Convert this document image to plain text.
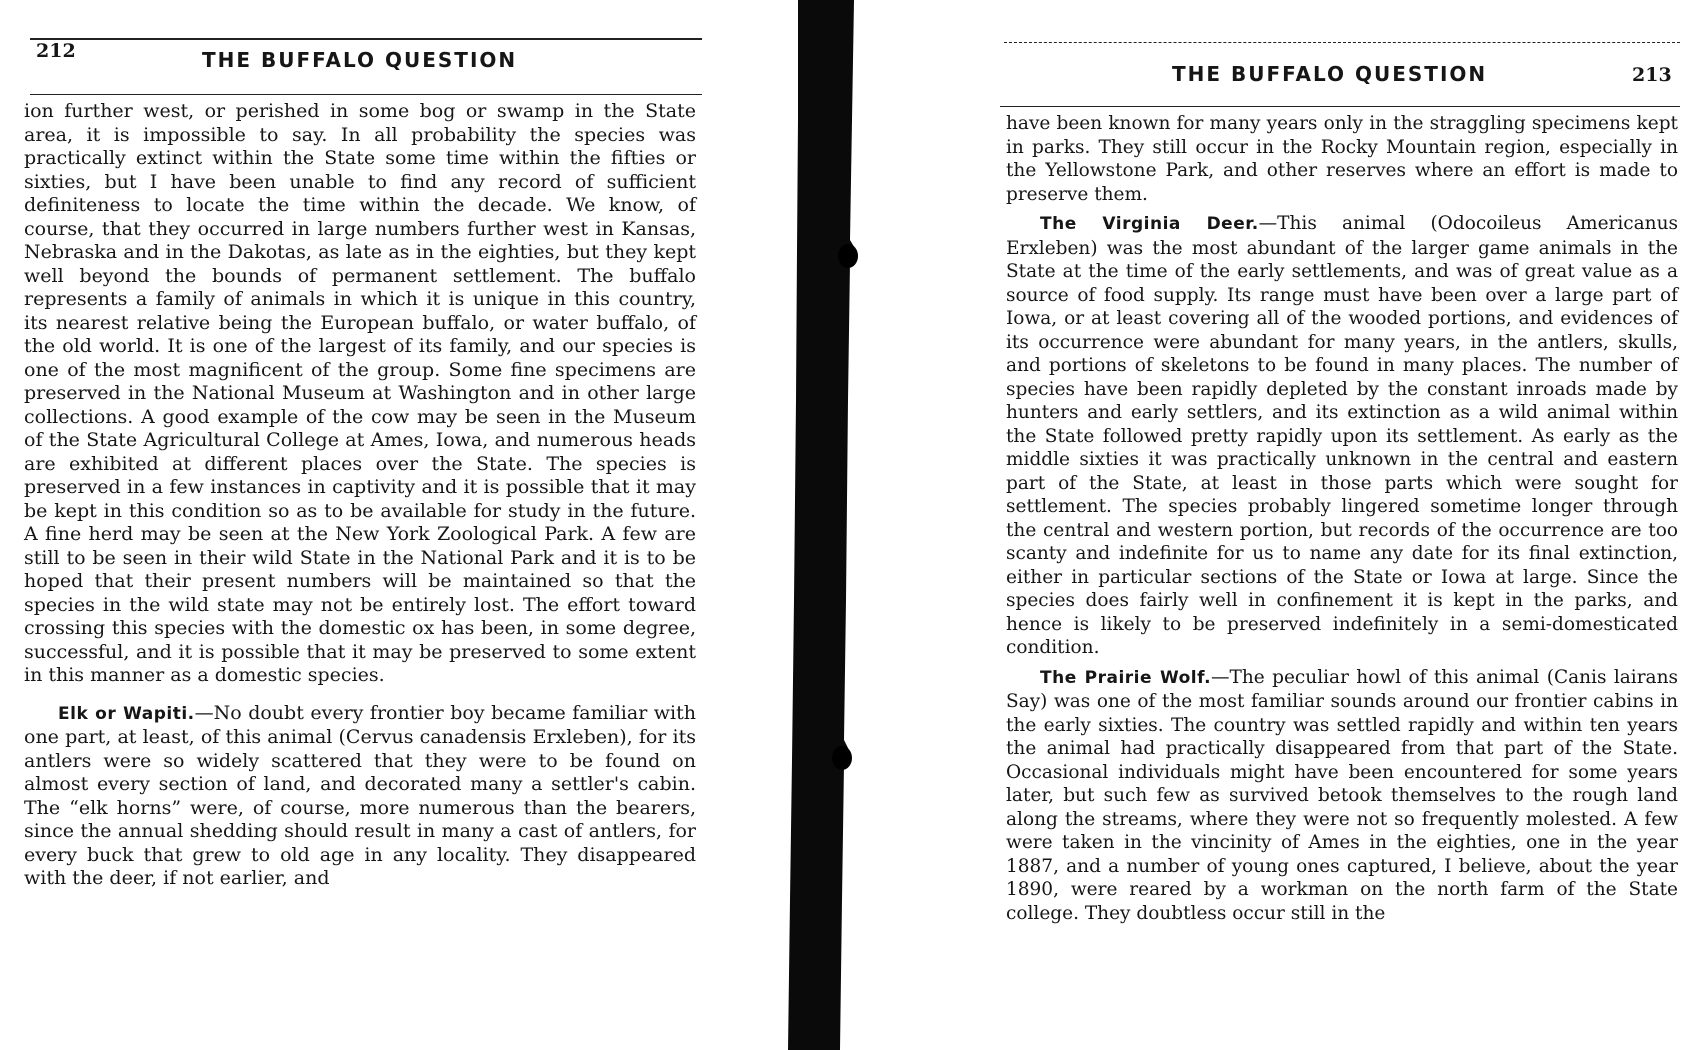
212	THE BUFFALO QUESTION

ion further west, or perished in some bog or swamp in the State area, it is impossible to say. In all probability the species was practically extinct within the State some time within the fifties or sixties, but I have been unable to find any record of sufficient definiteness to locate the time within the decade. We know, of course, that they occurred in large numbers further west in Kansas, Nebraska and in the Dakotas, as late as in the eighties, but they kept well beyond the bounds of permanent settlement. The buffalo represents a family of animals in which it is unique in this country, its nearest relative being the European buffalo, or water buffalo, of the old world. It is one of the largest of its family, and our species is one of the most magnificent of the group. Some fine specimens are preserved in the National Museum at Washington and in other large collections. A good example of the cow may be seen in the Museum of the State Agricultural College at Ames, Iowa, and numerous heads are exhibited at different places over the State. The species is preserved in a few instances in captivity and it is possible that it may be kept in this condition so as to be available for study in the future. A fine herd may be seen at the New York Zoological Park. A few are still to be seen in their wild State in the National Park and it is to be hoped that their present numbers will be maintained so that the species in the wild state may not be entirely lost. The effort toward crossing this species with the domestic ox has been, in some degree, successful, and it is possible that it may be preserved to some extent in this manner as a domestic species.

Elk or Wapiti.—No doubt every frontier boy became familiar with one part, at least, of this animal (Cervus canadensis Erxleben), for its antlers were so widely scattered that they were to be found on almost every section of land, and decorated many a settler's cabin. The “elk horns” were, of course, more numerous than the bearers, since the annual shedding should result in many a cast of antlers, for every buck that grew to old age in any locality. They disappeared with the deer, if not earlier, and

THE BUFFALO QUESTION	213

have been known for many years only in the straggling specimens kept in parks. They still occur in the Rocky Mountain region, especially in the Yellowstone Park, and other reserves where an effort is made to preserve them.

The Virginia Deer.—This animal (Odocoileus Americanus Erxleben) was the most abundant of the larger game animals in the State at the time of the early settlements, and was of great value as a source of food supply. Its range must have been over a large part of Iowa, or at least covering all of the wooded portions, and evidences of its occurrence were abundant for many years, in the antlers, skulls, and portions of skeletons to be found in many places. The number of species have been rapidly depleted by the constant inroads made by hunters and early settlers, and its extinction as a wild animal within the State followed pretty rapidly upon its settlement. As early as the middle sixties it was practically unknown in the central and eastern part of the State, at least in those parts which were sought for settlement. The species probably lingered sometime longer through the central and western portion, but records of the occurrence are too scanty and indefinite for us to name any date for its final extinction, either in particular sections of the State or Iowa at large. Since the species does fairly well in confinement it is kept in the parks, and hence is likely to be preserved indefinitely in a semi-domesticated condition.

The Prairie Wolf.—The peculiar howl of this animal (Canis lairans Say) was one of the most familiar sounds around our frontier cabins in the early sixties. The country was settled rapidly and within ten years the animal had practically disappeared from that part of the State. Occasional individuals might have been encountered for some years later, but such few as survived betook themselves to the rough land along the streams, where they were not so frequently molested. A few were taken in the vincinity of Ames in the eighties, one in the year 1887, and a number of young ones captured, I believe, about the year 1890, were reared by a workman on the north farm of the State college. They doubtless occur still in the
